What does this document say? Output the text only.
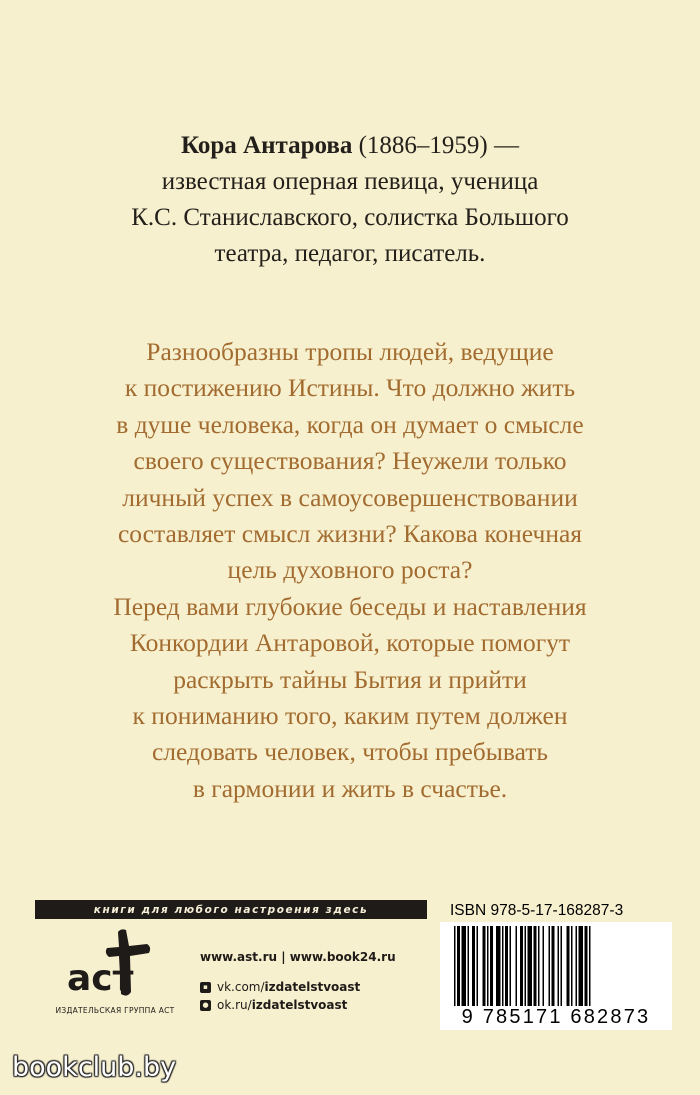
Кора Антарова (1886–1959) —
известная оперная певица, ученица
К.С. Станиславского, солистка Большого
театра, педагог, писатель.

Разнообразны тропы людей, ведущие

к постижению Истины. Что должно жить

в душе человека, когда он думает о смысле

своего существования? Неужели только

личный успех в самоусовершенствовании

составляет смысл жизни? Какова конечная

цель духовного роста?

Перед вами глубокие беседы и наставления

Конкордии Антаровой, которые помогут

раскрыть тайны Бытия и прийти

к пониманию того, каким путем должен

следовать человек, чтобы пребывать

в гармонии и жить в счастье.

книги для любого настроения здесь
аст
ИЗДАТЕЛЬСКАЯ ГРУППА АСТ
www.ast.ru | www.book24.ru
▪ vk.com/ izdatelstvoast
● ok.ru/ izdatelstvoast
ISBN 978-5-17-168287-3
9 785171 682873
bookclub.by
